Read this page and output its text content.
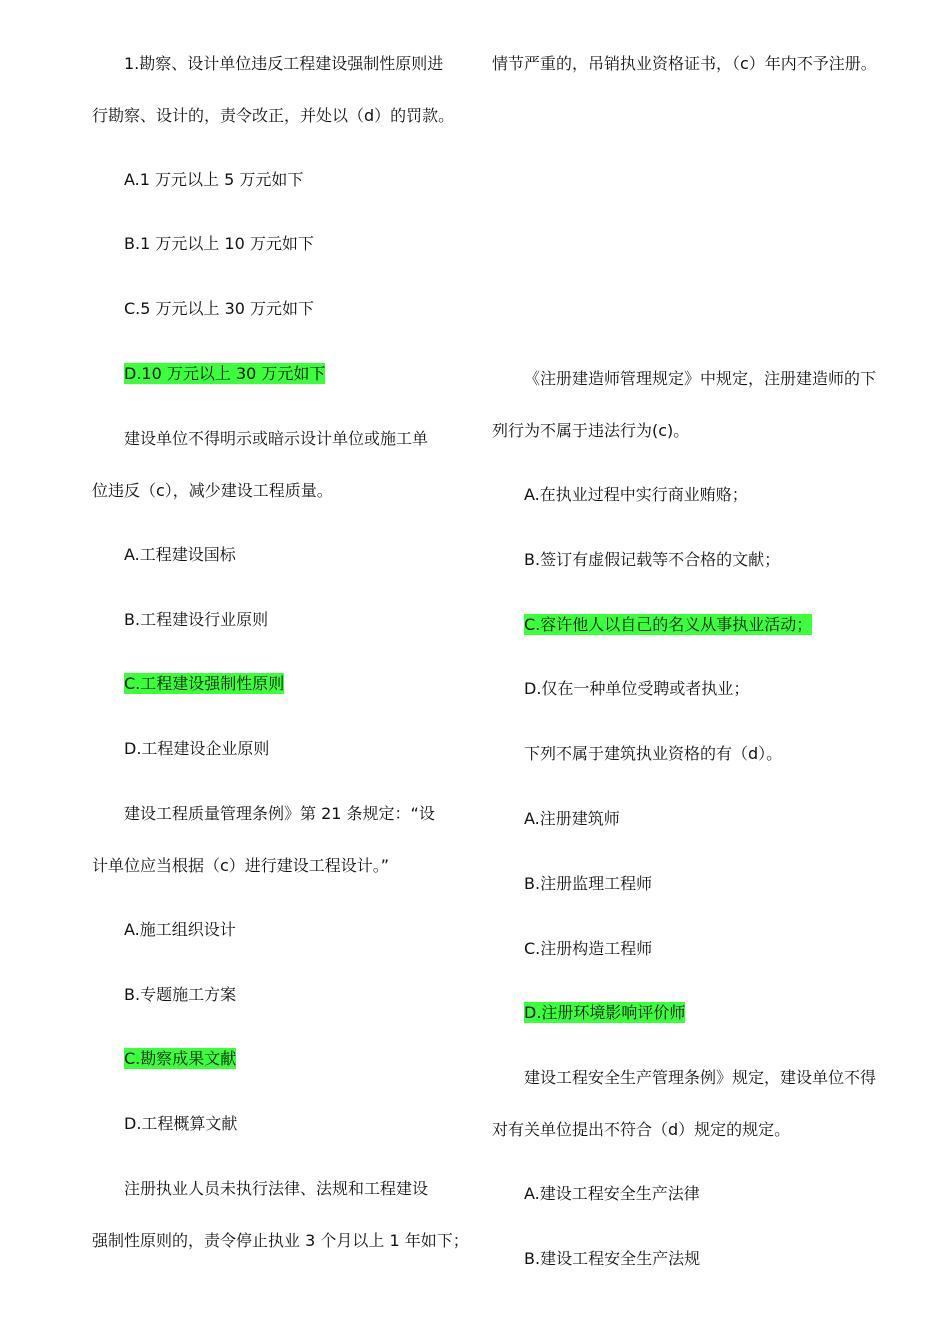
1.勘察、设计单位违反工程建设强制性原则进
行勘察、设计的，责令改正，并处以（d）的罚款。
A.1 万元以上 5 万元如下
B.1 万元以上 10 万元如下
C.5 万元以上 30 万元如下
D.10 万元以上 30 万元如下
建设单位不得明示或暗示设计单位或施工单
位违反（c），减少建设工程质量。
A.工程建设国标
B.工程建设行业原则
C.工程建设强制性原则
D.工程建设企业原则
建设工程质量管理条例》第 21 条规定：“设
计单位应当根据（c）进行建设工程设计。”
A.施工组织设计
B.专题施工方案
C.勘察成果文献
D.工程概算文献
注册执业人员未执行法律、法规和工程建设
强制性原则的，责令停止执业 3 个月以上 1 年如下；
情节严重的，吊销执业资格证书，（c）年内不予注册。
《注册建造师管理规定》中规定，注册建造师的下
列行为不属于违法行为(c)。
A.在执业过程中实行商业贿赂；
B.签订有虚假记载等不合格的文献；
C.容许他人以自己的名义从事执业活动；
D.仅在一种单位受聘或者执业；
下列不属于建筑执业资格的有（d）。
A.注册建筑师
B.注册监理工程师
C.注册构造工程师
D.注册环境影响评价师
建设工程安全生产管理条例》规定，建设单位不得
对有关单位提出不符合（d）规定的规定。
A.建设工程安全生产法律
B.建设工程安全生产法规
